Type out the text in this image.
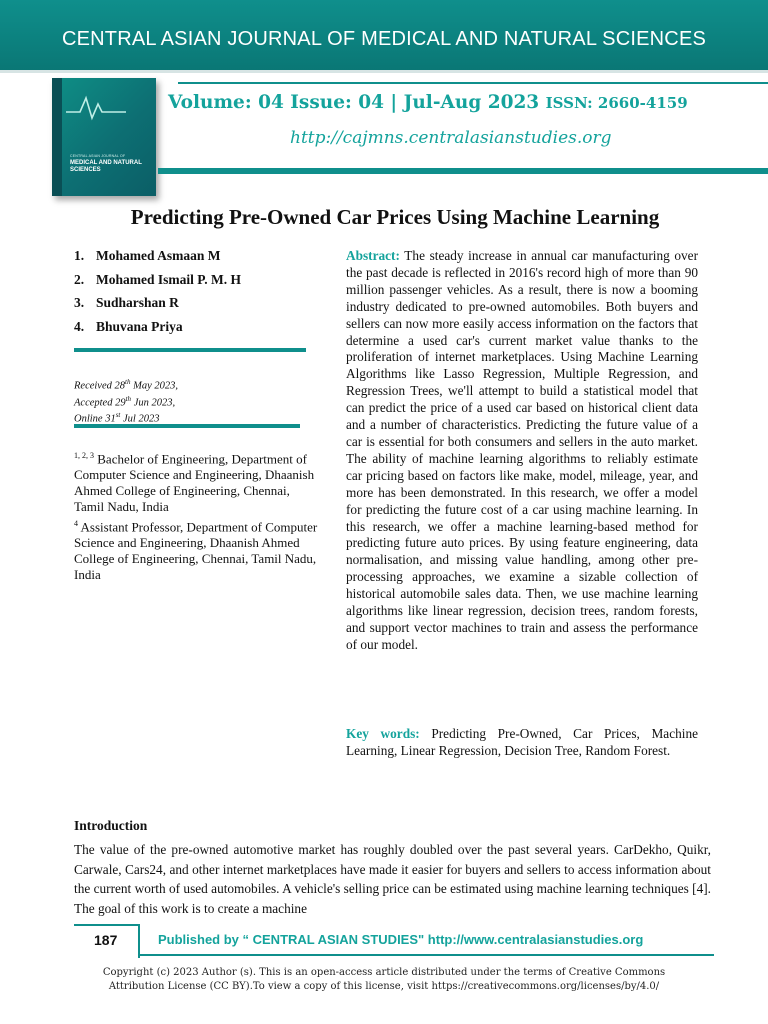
CENTRAL ASIAN JOURNAL OF MEDICAL AND NATURAL SCIENCES
CENTRAL ASIAN JOURNAL OF
MEDICAL AND NATURAL SCIENCES
Volume: 04 Issue: 04 | Jul-Aug 2023 ISSN: 2660-4159
http://cajmns.centralasianstudies.org
Predicting Pre-Owned Car Prices Using Machine Learning
1. Mohamed Asmaan M
2. Mohamed Ismail P. M. H
3. Sudharshan R
4. Bhuvana Priya
Received 28th May 2023,
Accepted 29th Jun 2023,
Online 31st Jul 2023
$^{1, 2, 3}$ Bachelor of Engineering, Department of Computer Science and Engineering, Dhaanish Ahmed College of Engineering, Chennai, Tamil Nadu, India
$^4$ Assistant Professor, Department of Computer Science and Engineering, Dhaanish Ahmed College of Engineering, Chennai, Tamil Nadu, India
Abstract: The steady increase in annual car manufacturing over the past decade is reflected in 2016's record high of more than 90 million passenger vehicles. As a result, there is now a booming industry dedicated to pre-owned automobiles. Both buyers and sellers can now more easily access information on the factors that determine a used car's current market value thanks to the proliferation of internet marketplaces. Using Machine Learning Algorithms like Lasso Regression, Multiple Regression, and Regression Trees, we'll attempt to build a statistical model that can predict the price of a used car based on historical client data and a number of characteristics. Predicting the future value of a car is essential for both consumers and sellers in the auto market. The ability of machine learning algorithms to reliably estimate car pricing based on factors like make, model, mileage, year, and more has been demonstrated. In this research, we offer a model for predicting the future cost of a car using machine learning. In this research, we offer a machine learning-based method for predicting future auto prices. By using feature engineering, data normalisation, and missing value handling, among other pre-processing approaches, we examine a sizable collection of historical automobile sales data. Then, we use machine learning algorithms like linear regression, decision trees, random forests, and support vector machines to train and assess the performance of our model.
Key words: Predicting Pre-Owned, Car Prices, Machine Learning, Linear Regression, Decision Tree, Random Forest.
Introduction
The value of the pre-owned automotive market has roughly doubled over the past several years. CarDekho, Quikr, Carwale, Cars24, and other internet marketplaces have made it easier for buyers and sellers to access information about the current worth of used automobiles. A vehicle's selling price can be estimated using machine learning techniques [4]. The goal of this work is to create a machine
187	Published by “ CENTRAL ASIAN STUDIES" http://www.centralasianstudies.org
Copyright (c) 2023 Author (s). This is an open-access article distributed under the terms of Creative Commons
Attribution License (CC BY).To view a copy of this license, visit https://creativecommons.org/licenses/by/4.0/
